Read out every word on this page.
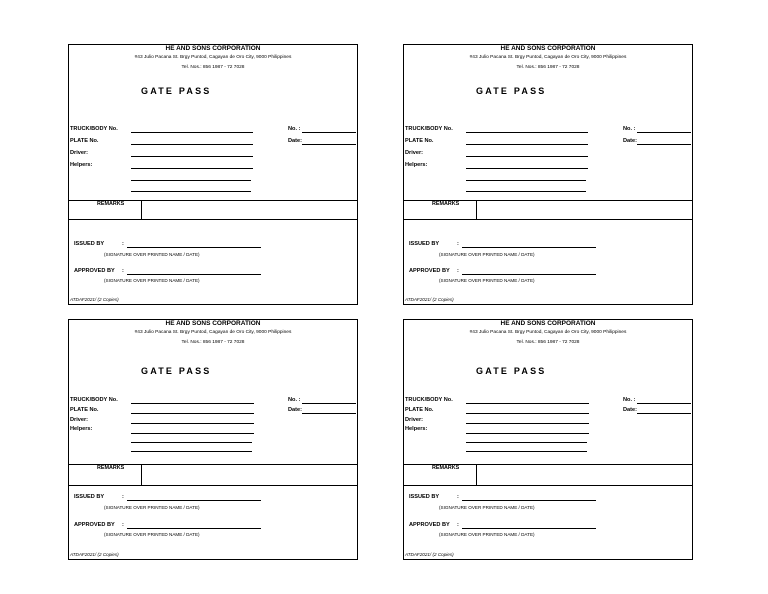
HE AND SONS CORPORATION
#43 Julio Pacana St. Brgy Puntod, Cagayan de Oro City, 9000 Philippines
Tel. Nos.: 856 1987 - 72 7028
GATE PASS
TRUCK/BODY No.
PLATE No.
Driver:
Helpers:
No. :
Date:
REMARKS
ISSUED BY	:
(SIGNATURE OVER PRINTED NAME / DATE)
APPROVED BY :
(SIGNATURE OVER PRINTED NAME / DATE)
ATDAF2021/ (2 Copies)
HE AND SONS CORPORATION
#43 Julio Pacana St. Brgy Puntod, Cagayan de Oro City, 9000 Philippines
Tel. Nos.: 856 1987 - 72 7028
GATE PASS
TRUCK/BODY No.
PLATE No.
Driver:
Helpers:
No. :
Date:
REMARKS
ISSUED BY	:
(SIGNATURE OVER PRINTED NAME / DATE)
APPROVED BY :
(SIGNATURE OVER PRINTED NAME / DATE)
ATDAF2021/ (2 Copies)
HE AND SONS CORPORATION
#43 Julio Pacana St. Brgy Puntod, Cagayan de Oro City, 9000 Philippines
Tel. Nos.: 856 1987 - 72 7028
GATE PASS
TRUCK/BODY No.
PLATE No.
Driver:
Helpers:
No. :
Date:
REMARKS
ISSUED BY	:
(SIGNATURE OVER PRINTED NAME / DATE)
APPROVED BY :
(SIGNATURE OVER PRINTED NAME / DATE)
ATDAF2021/ (2 Copies)
HE AND SONS CORPORATION
#43 Julio Pacana St. Brgy Puntod, Cagayan de Oro City, 9000 Philippines
Tel. Nos.: 856 1987 - 72 7028
GATE PASS
TRUCK/BODY No.
PLATE No.
Driver:
Helpers:
No. :
Date:
REMARKS
ISSUED BY	:
(SIGNATURE OVER PRINTED NAME / DATE)
APPROVED BY :
(SIGNATURE OVER PRINTED NAME / DATE)
ATDAF2021/ (2 Copies)
